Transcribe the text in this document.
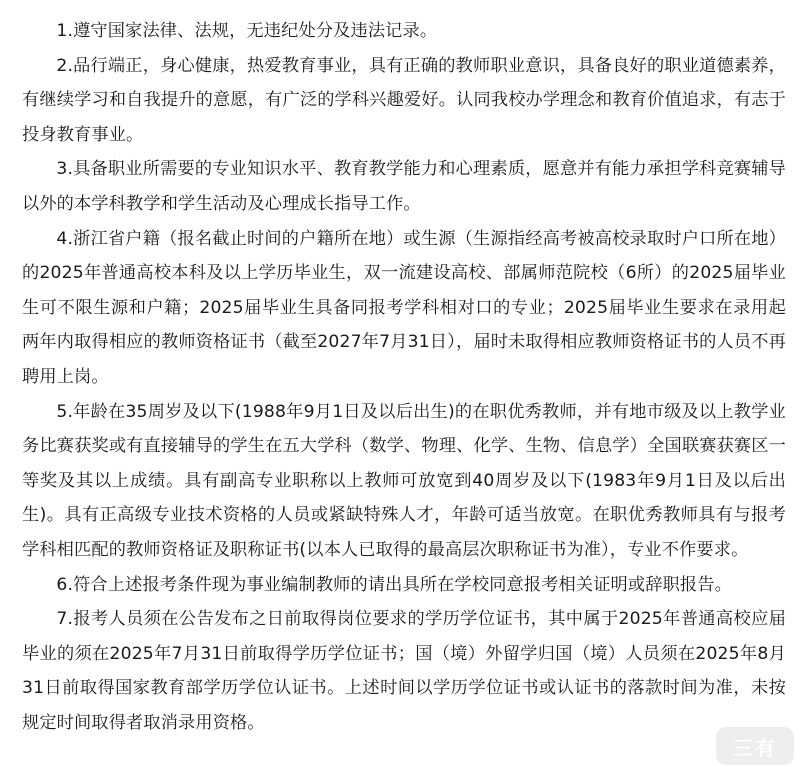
1.遵守国家法律、法规，无违纪处分及违法记录。

2.品行端正，身心健康，热爱教育事业，具有正确的教师职业意识，具备良好的职业道德素养，有继续学习和自我提升的意愿，有广泛的学科兴趣爱好。认同我校办学理念和教育价值追求，有志于投身教育事业。

3.具备职业所需要的专业知识水平、教育教学能力和心理素质，愿意并有能力承担学科竞赛辅导以外的本学科教学和学生活动及心理成长指导工作。

4.浙江省户籍（报名截止时间的户籍所在地）或生源（生源指经高考被高校录取时户口所在地）的2025年普通高校本科及以上学历毕业生，双一流建设高校、部属师范院校（6所）的2025届毕业生可不限生源和户籍；2025届毕业生具备同报考学科相对口的专业；2025届毕业生要求在录用起两年内取得相应的教师资格证书（截至2027年7月31日），届时未取得相应教师资格证书的人员不再聘用上岗。

5.年龄在35周岁及以下(1988年9月1日及以后出生)的在职优秀教师，并有地市级及以上教学业务比赛获奖或有直接辅导的学生在五大学科（数学、物理、化学、生物、信息学）全国联赛获赛区一等奖及其以上成绩。具有副高专业职称以上教师可放宽到40周岁及以下(1983年9月1日及以后出生)。具有正高级专业技术资格的人员或紧缺特殊人才，年龄可适当放宽。在职优秀教师具有与报考学科相匹配的教师资格证及职称证书(以本人已取得的最高层次职称证书为准），专业不作要求。

6.符合上述报考条件现为事业编制教师的请出具所在学校同意报考相关证明或辞职报告。

7.报考人员须在公告发布之日前取得岗位要求的学历学位证书，其中属于2025年普通高校应届毕业的须在2025年7月31日前取得学历学位证书；国（境）外留学归国（境）人员须在2025年8月31日前取得国家教育部学历学位认证书。上述时间以学历学位证书或认证书的落款时间为准，未按规定时间取得者取消录用资格。

三有
